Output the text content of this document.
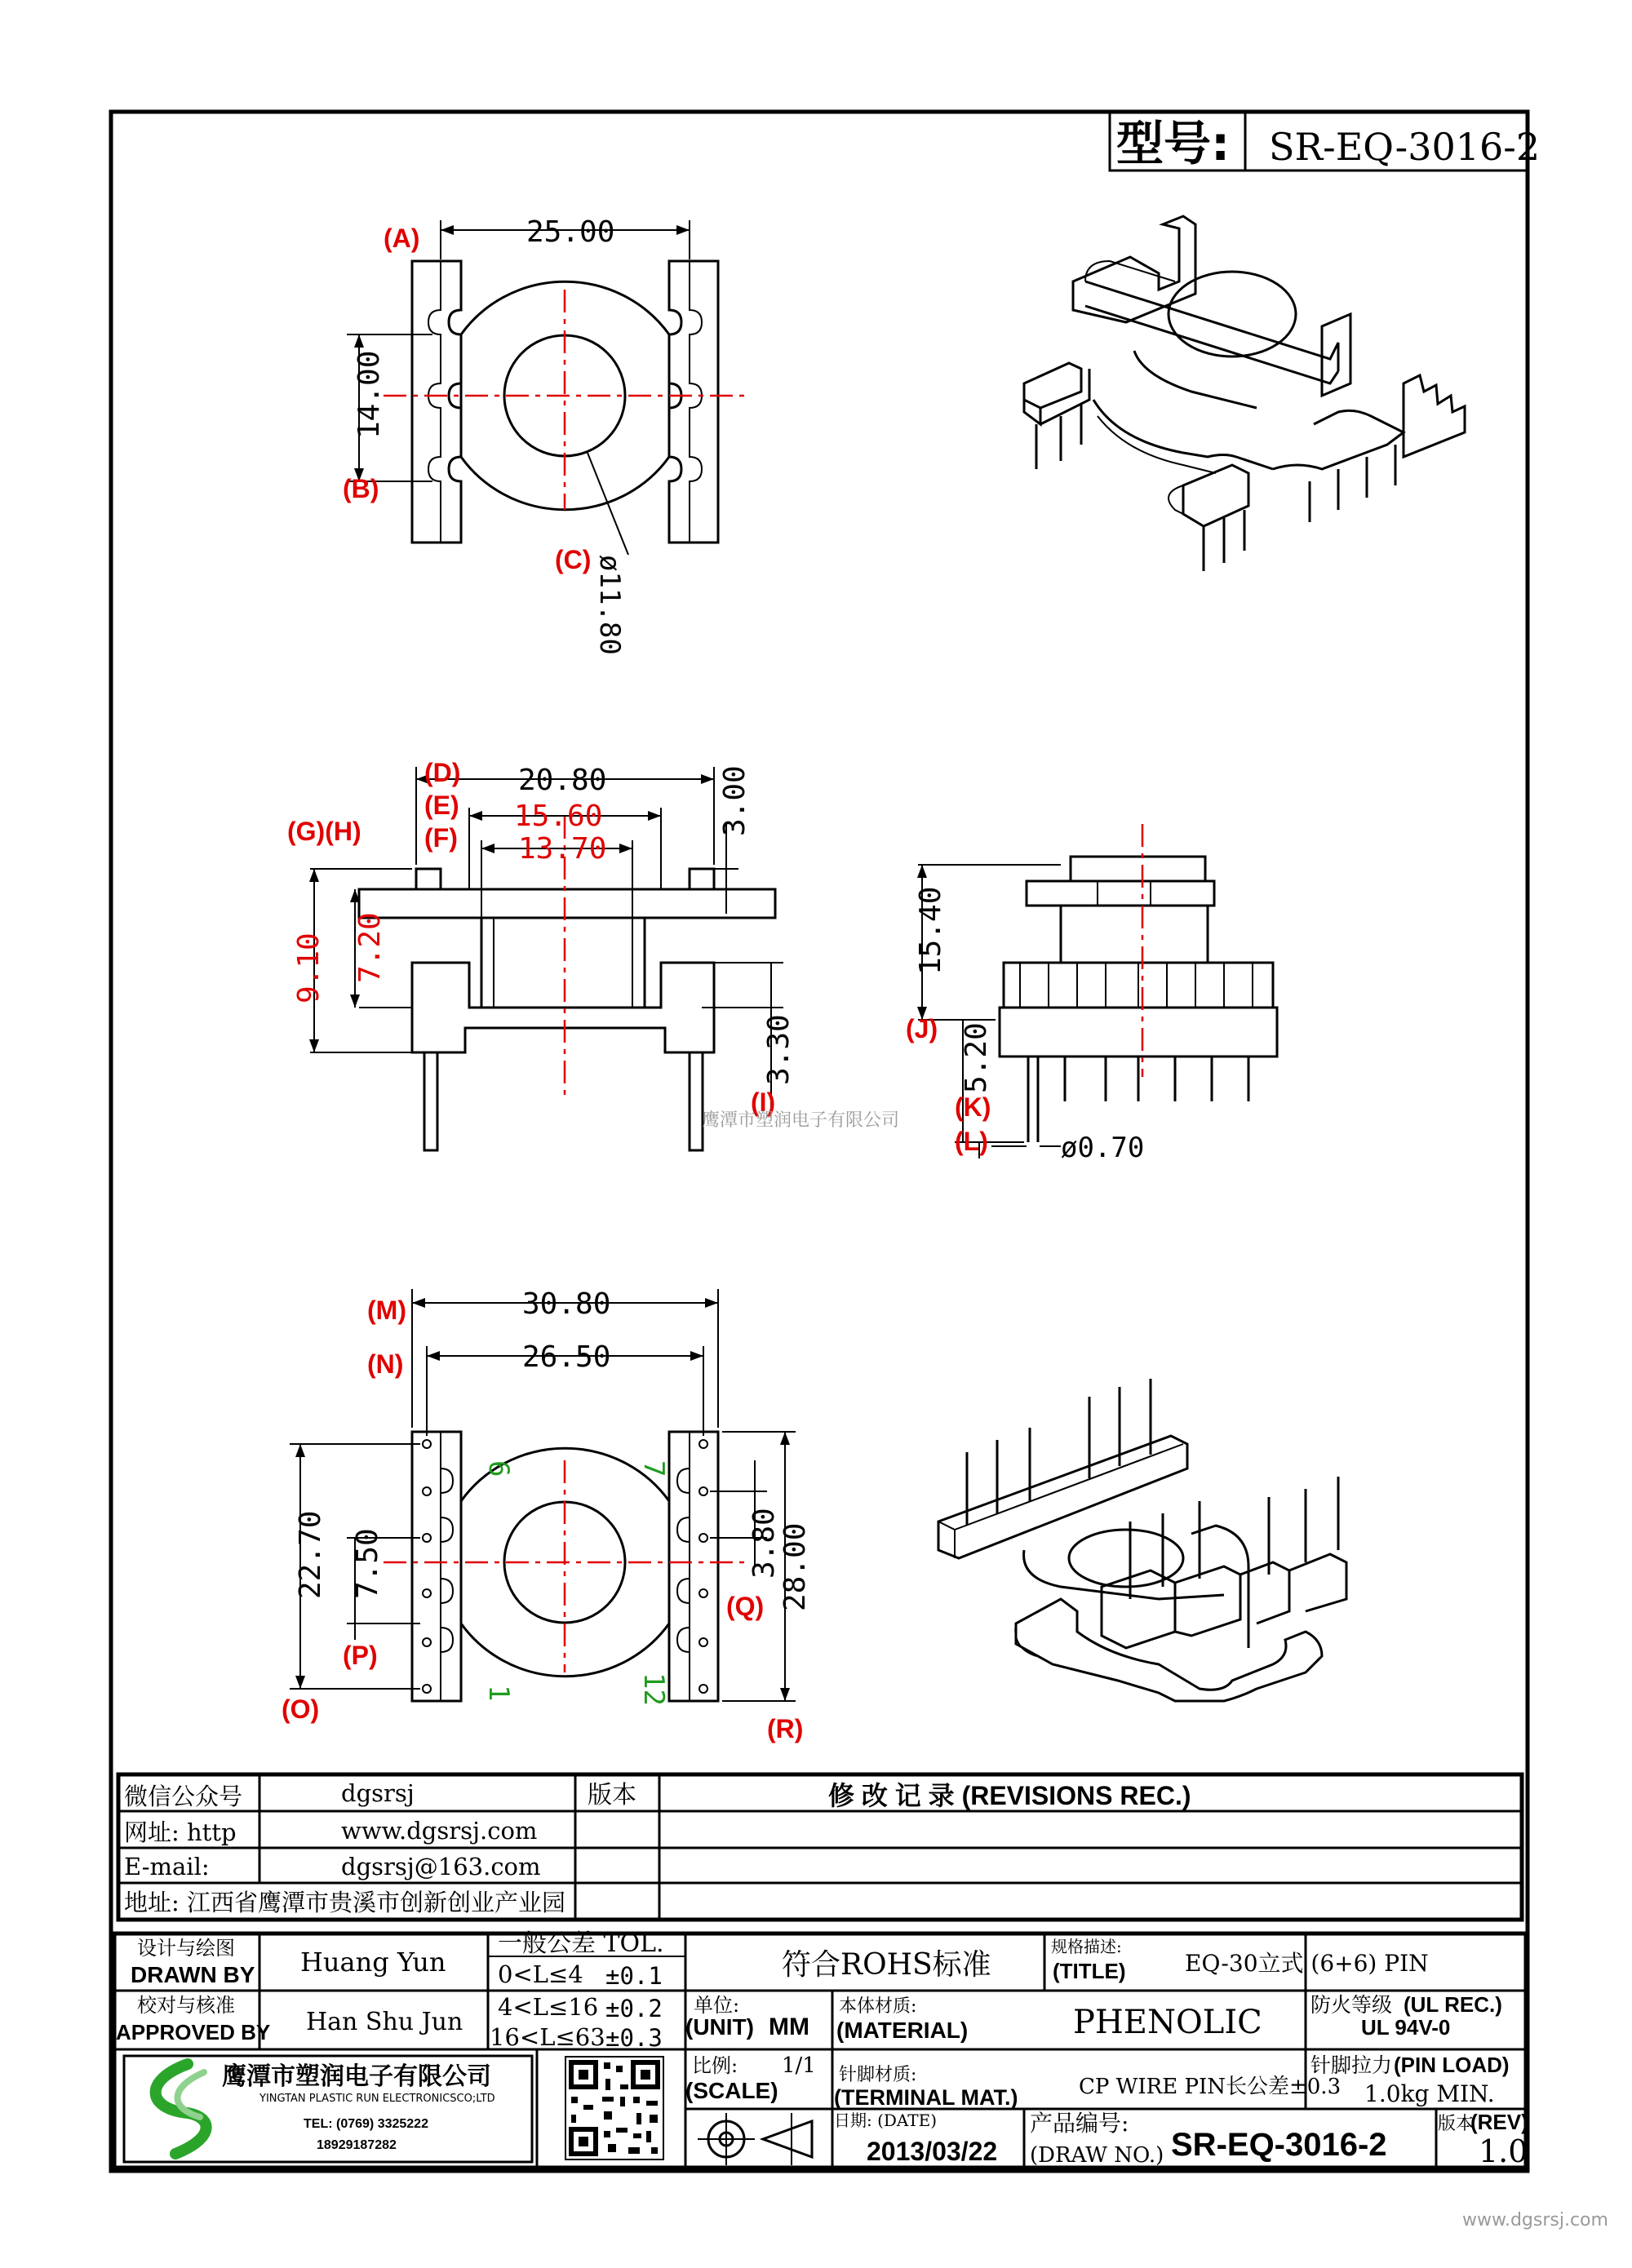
型号: SR-EQ-3016-2
25.00
14.00
ø11.80
(A)
(B)
(C)
20.80
15.60
13.70
3.00
9.10 7.20
3.30
(D)
(E)
(F)
(G)(H)
(I)
鹰潭市塑润电子有限公司
15.40
5.20
ø0.70
(J)
(K)
(L)
30.80
26.50
22.70 7.50	3.80
28.00
6	7
1	12
(M)
(N)
(O)
(P)
(Q)
(R)
微信公众号	dgsrsj
网址: http	www.dgsrsj.com
E-mail:	dgsrsj@163.com
地址: 江西省鹰潭市贵溪市创新创业产业园
版本	修 改 记 录 (REVISIONS REC.)
设计与绘图
DRAWN BY Huang Yun
校对与核准
APPROVED BY Han Shu Jun
一般公差 TOL.
0<L≤4 ±0.1
4<L≤16 ±0.2
16<L≤63 ±0.3
符合ROHS标准
规格描述:
(TITLE)	EQ-30立式 (6+6) PIN
单位:
(UNIT) MM
本体材质:
(MATERIAL)	PHENOLIC 防火等级 (UL REC.)
UL 94V-0
比例: 1/1
(SCALE)
针脚材质:
(TERMINAL MAT.)	CP WIRE PIN长公差±0.3
针脚拉力 (PIN LOAD)
1.0kg MIN.
日期: (DATE)
2013/03/22
产品编号:
(DRAW NO.) SR-EQ-3016-2
版本
(REV)
1.0
鹰潭市塑润电子有限公司
YINGTAN PLASTIC RUN ELECTRONICSCO;LTD
TEL: (0769) 3325222
18929187282
www.dgsrsj.com
